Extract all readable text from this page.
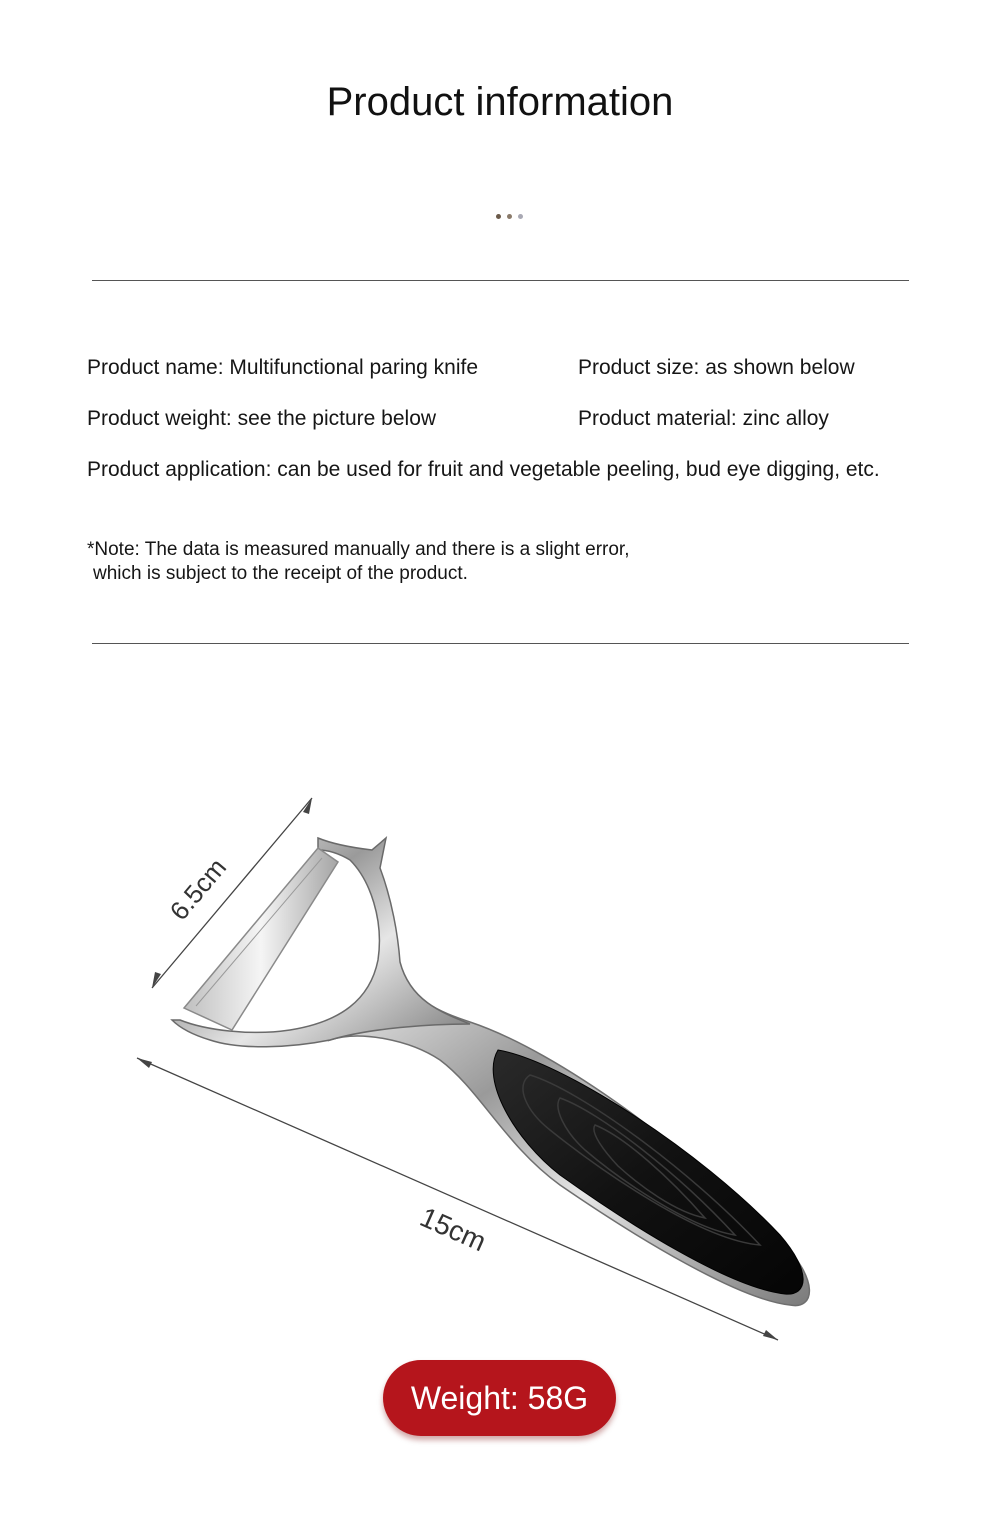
Product information
Product name: Multifunctional paring knife	Product size: as shown below
Product weight: see the picture below	Product material: zinc alloy
Product application: can be used for fruit and vegetable peeling, bud eye digging, etc.
*Note: The data is measured manually and there is a slight error,
which is subject to the receipt of the product.
6.5cm
15cm
Weight: 58G
